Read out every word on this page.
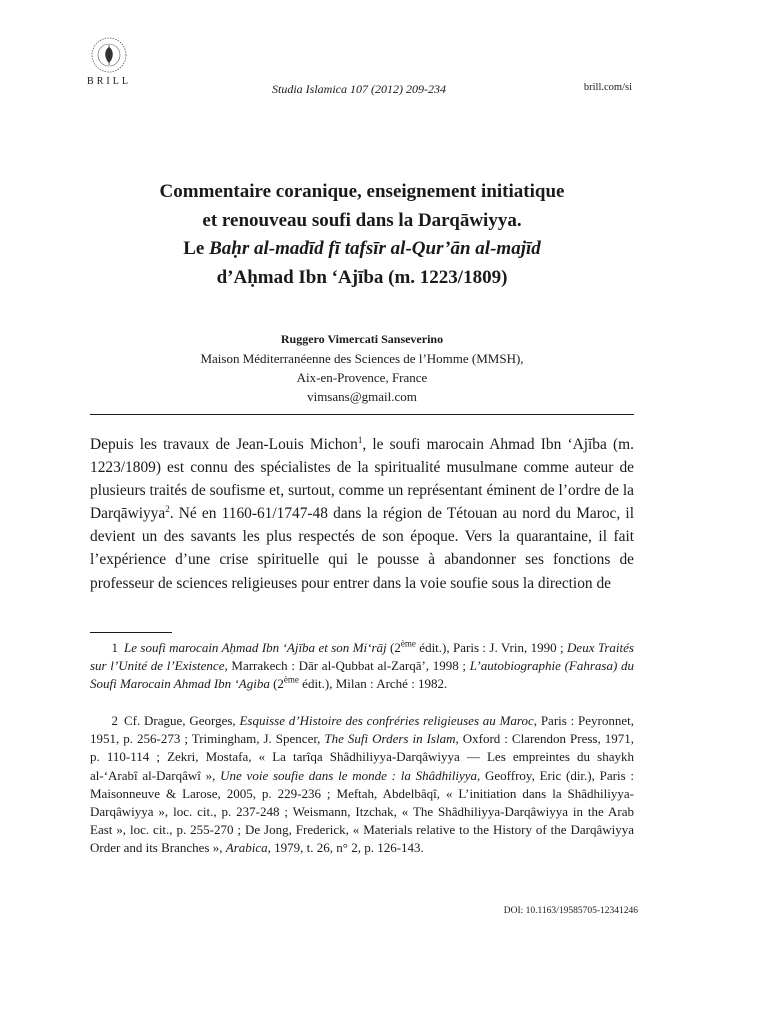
BRILL
Studia Islamica 107 (2012) 209-234	brill.com/si
Commentaire coranique, enseignement initiatique
et renouveau soufi dans la Darqāwiyya.
Le Baḥr al-madīd fī tafsīr al-Qur’ān al-majīd
d’Aḥmad Ibn ‘Ajība (m. 1223/1809)
Ruggero Vimercati Sanseverino
Maison Méditerranéenne des Sciences de l’Homme (MMSH),
Aix-en-Provence, France
vimsans@gmail.com
Depuis les travaux de Jean-Louis Michon$^1$, le soufi marocain Ahmad Ibn ‘Ajība (m. 1223/1809) est connu des spécialistes de la spiritualité musulmane comme auteur de plusieurs traités de soufisme et, surtout, comme un représentant éminent de l’ordre de la Darqāwiyya$^2$. Né en 1160-61/1747-48 dans la région de Tétouan au nord du Maroc, il devient un des savants les plus respectés de son époque. Vers la quarantaine, il fait l’expérience d’une crise spirituelle qui le pousse à abandonner ses fonctions de professeur de sciences religieuses pour entrer dans la voie soufie sous la direction de
1 Le soufi marocain Aḥmad Ibn ‘Ajība et son Mi‘rāj (2ème édit.), Paris : J. Vrin, 1990 ; Deux Traités sur l’Unité de l’Existence, Marrakech : Dār al-Qubbat al-Zarqā’, 1998 ; L’autobiographie (Fahrasa) du Soufi Marocain Ahmad Ibn ‘Agiba (2ème édit.), Milan : Arché : 1982.
2 Cf. Drague, Georges, Esquisse d’Histoire des confréries religieuses au Maroc, Paris : Peyronnet, 1951, p. 256-273 ; Trimingham, J. Spencer, The Sufi Orders in Islam, Oxford : Clarendon Press, 1971, p. 110-114 ; Zekri, Mostafa, « La tarîqa Shâdhiliyya-Darqâwiyya — Les empreintes du shaykh al-‘Arabî al-Darqâwî », Une voie soufie dans le monde : la Shâdhiliyya, Geoffroy, Eric (dir.), Paris : Maisonneuve & Larose, 2005, p. 229-236 ; Meftah, Abdelbâqî, « L’initiation dans la Shâdhiliyya-Darqâwiyya », loc. cit., p. 237-248 ; Weismann, Itzchak, « The Shâdhiliyya-Darqâwiyya in the Arab East », loc. cit., p. 255-270 ; De Jong, Frederick, « Materials relative to the History of the Darqâwiyya Order and its Branches », Arabica, 1979, t. 26, n° 2, p. 126-143.
DOI: 10.1163/19585705-12341246
